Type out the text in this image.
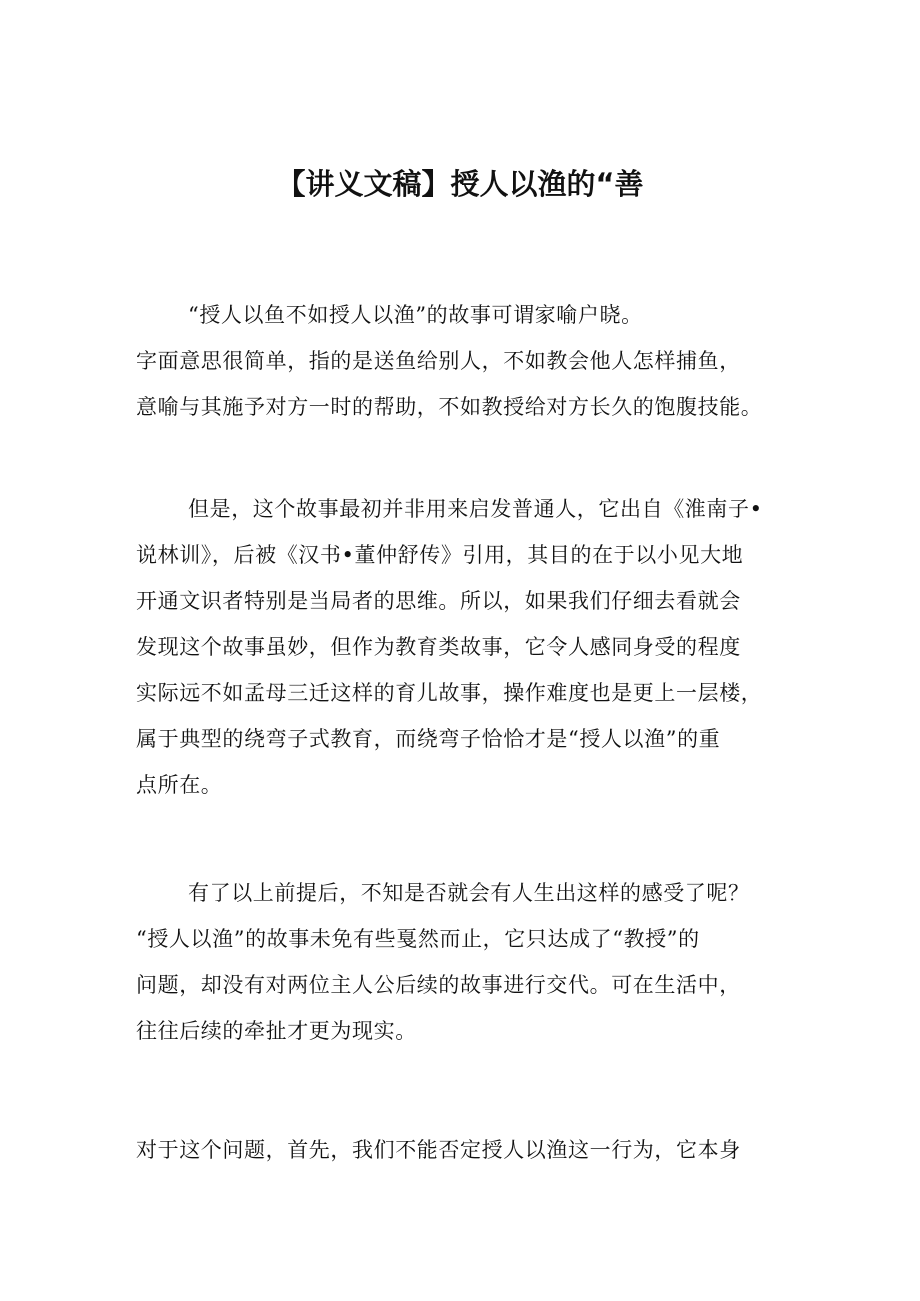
【讲义文稿】授人以渔的“善
“授人以鱼不如授人以渔”的故事可谓家喻户晓。
字面意思很简单，指的是送鱼给别人，不如教会他人怎样捕鱼，
意喻与其施予对方一时的帮助，不如教授给对方长久的饱腹技能。
但是，这个故事最初并非用来启发普通人，它出自《淮南子•
说林训》，后被《汉书•董仲舒传》引用，其目的在于以小见大地
开通文识者特别是当局者的思维。所以，如果我们仔细去看就会
发现这个故事虽妙，但作为教育类故事，它令人感同身受的程度
实际远不如孟母三迁这样的育儿故事，操作难度也是更上一层楼，
属于典型的绕弯子式教育，而绕弯子恰恰才是“授人以渔”的重
点所在。
有了以上前提后，不知是否就会有人生出这样的感受了呢？
“授人以渔”的故事未免有些戛然而止，它只达成了“教授”的
问题，却没有对两位主人公后续的故事进行交代。可在生活中，
往往后续的牵扯才更为现实。
对于这个问题，首先，我们不能否定授人以渔这一行为，它本身
